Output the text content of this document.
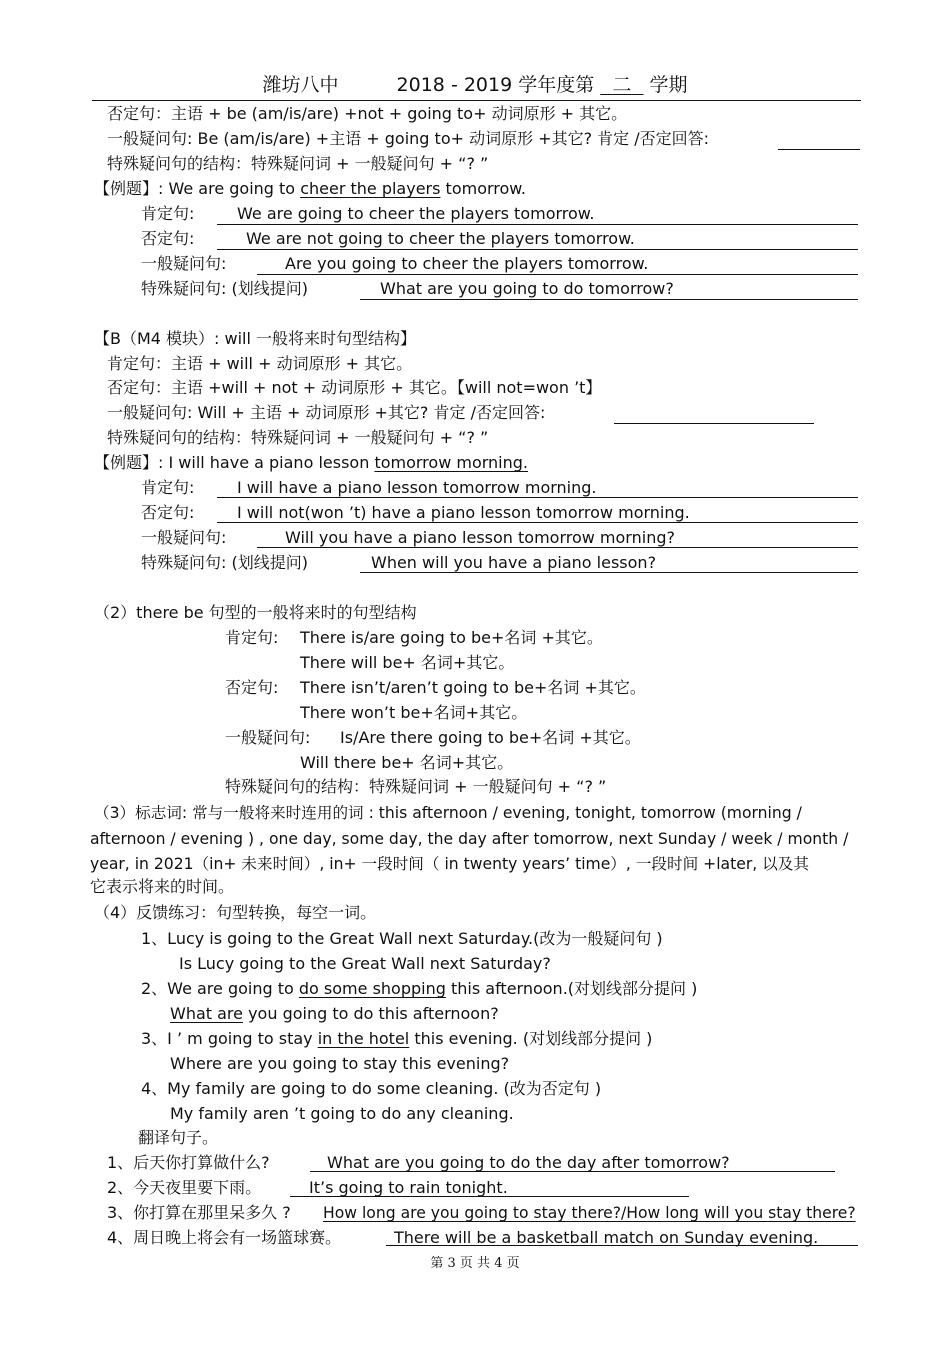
潍坊八中	2018 - 2019 学年度第 二 学期
否定句：主语 + be (am/is/are) +not + going to+ 动词原形 + 其它。
一般疑问句: Be (am/is/are) +主语 + going to+ 动词原形 +其它? 肯定 /否定回答:
特殊疑问句的结构：特殊疑问词 + 一般疑问句 + “? ”
【例题】: We are going to cheer the players tomorrow.
肯定句:	We are going to cheer the players tomorrow.
否定句:	We are not going to cheer the players tomorrow.
一般疑问句:	Are you going to cheer the players tomorrow.
特殊疑问句: (划线提问)	What are you going to do tomorrow?
【B（M4 模块）: will 一般将来时句型结构】
肯定句：主语 + will + 动词原形 + 其它。
否定句：主语 +will + not + 动词原形 + 其它。【will not=won ’t】
一般疑问句: Will + 主语 + 动词原形 +其它? 肯定 /否定回答:
特殊疑问句的结构：特殊疑问词 + 一般疑问句 + “? ”
【例题】: I will have a piano lesson tomorrow morning.
肯定句:	I will have a piano lesson tomorrow morning.
否定句:	I will not(won ’t) have a piano lesson tomorrow morning.
一般疑问句:	Will you have a piano lesson tomorrow morning?
特殊疑问句: (划线提问)	When will you have a piano lesson?
（2）there be 句型的一般将来时的句型结构
肯定句: There is/are going to be+名词 +其它。
There will be+ 名词+其它。
否定句: There isn’t/aren’t going to be+名词 +其它。
There won’t be+名词+其它。
一般疑问句: Is/Are there going to be+名词 +其它。
Will there be+ 名词+其它。
特殊疑问句的结构：特殊疑问词 + 一般疑问句 + “? ”
（3）标志词: 常与一般将来时连用的词 : this afternoon / evening, tonight, tomorrow (morning /
afternoon / evening ) , one day, some day, the day after tomorrow, next Sunday / week / month /
year, in 2021（in+ 未来时间）, in+ 一段时间（ in twenty years’ time）, 一段时间 +later, 以及其
它表示将来的时间。
（4）反馈练习：句型转换，每空一词。
1、Lucy is going to the Great Wall next Saturday.(改为一般疑问句 )
Is Lucy going to the Great Wall next Saturday?
2、We are going to do some shopping this afternoon.(对划线部分提问 )
What are you going to do this afternoon?
3、I ’ m going to stay in the hotel this evening. (对划线部分提问 )
Where are you going to stay this evening?
4、My family are going to do some cleaning. (改为否定句 )
My family aren ’t going to do any cleaning.
翻译句子。
1、后天你打算做什么?	What are you going to do the day after tomorrow?
2、今天夜里要下雨。	It’s going to rain tonight.
3、你打算在那里呆多久 ? How long are you going to stay there?/How long will you stay there?
4、周日晚上将会有一场篮球赛。	There will be a basketball match on Sunday evening.
第 3 页 共 4 页
